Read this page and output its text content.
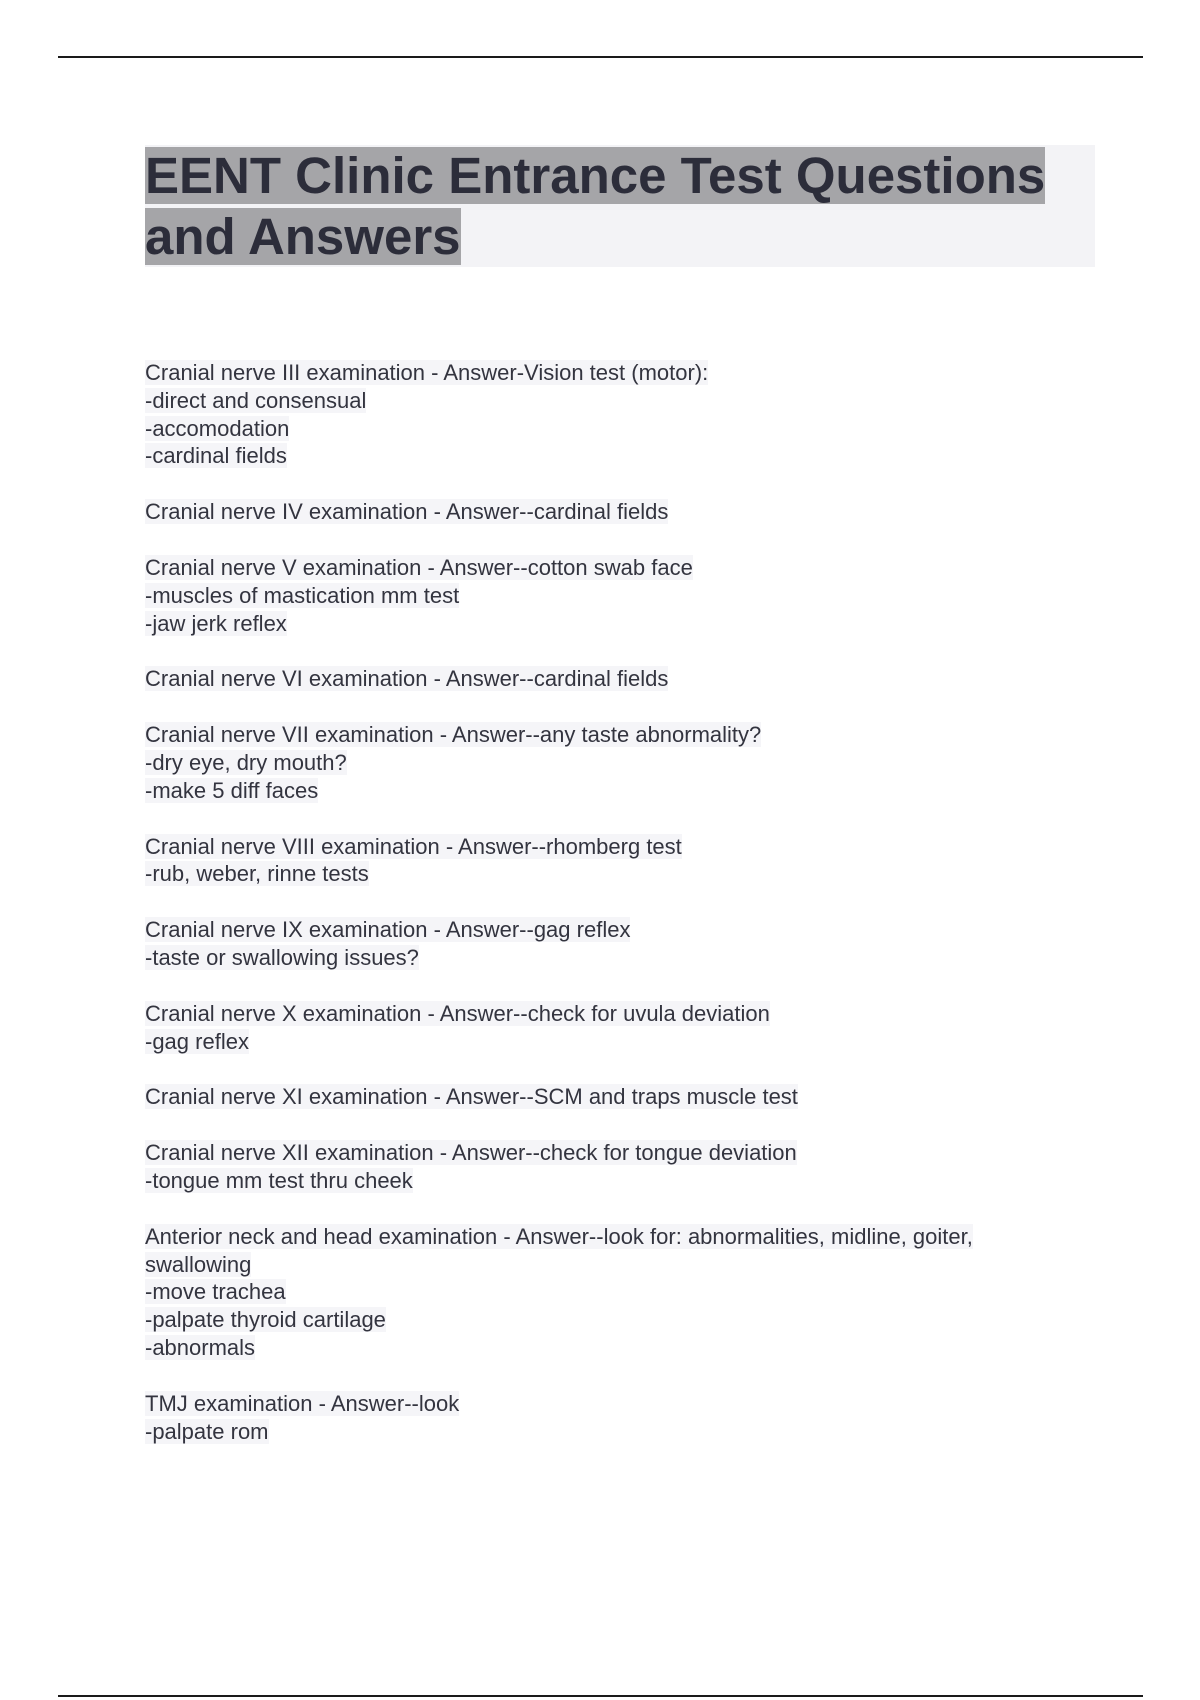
EENT Clinic Entrance Test Questions
and Answers
Cranial nerve III examination - Answer-Vision test (motor):
-direct and consensual
-accomodation
-cardinal fields
Cranial nerve IV examination - Answer--cardinal fields
Cranial nerve V examination - Answer--cotton swab face
-muscles of mastication mm test
-jaw jerk reflex
Cranial nerve VI examination - Answer--cardinal fields
Cranial nerve VII examination - Answer--any taste abnormality?
-dry eye, dry mouth?
-make 5 diff faces
Cranial nerve VIII examination - Answer--rhomberg test
-rub, weber, rinne tests
Cranial nerve IX examination - Answer--gag reflex
-taste or swallowing issues?
Cranial nerve X examination - Answer--check for uvula deviation
-gag reflex
Cranial nerve XI examination - Answer--SCM and traps muscle test
Cranial nerve XII examination - Answer--check for tongue deviation
-tongue mm test thru cheek
Anterior neck and head examination - Answer--look for: abnormalities, midline, goiter,
swallowing
-move trachea
-palpate thyroid cartilage
-abnormals
TMJ examination - Answer--look
-palpate rom
